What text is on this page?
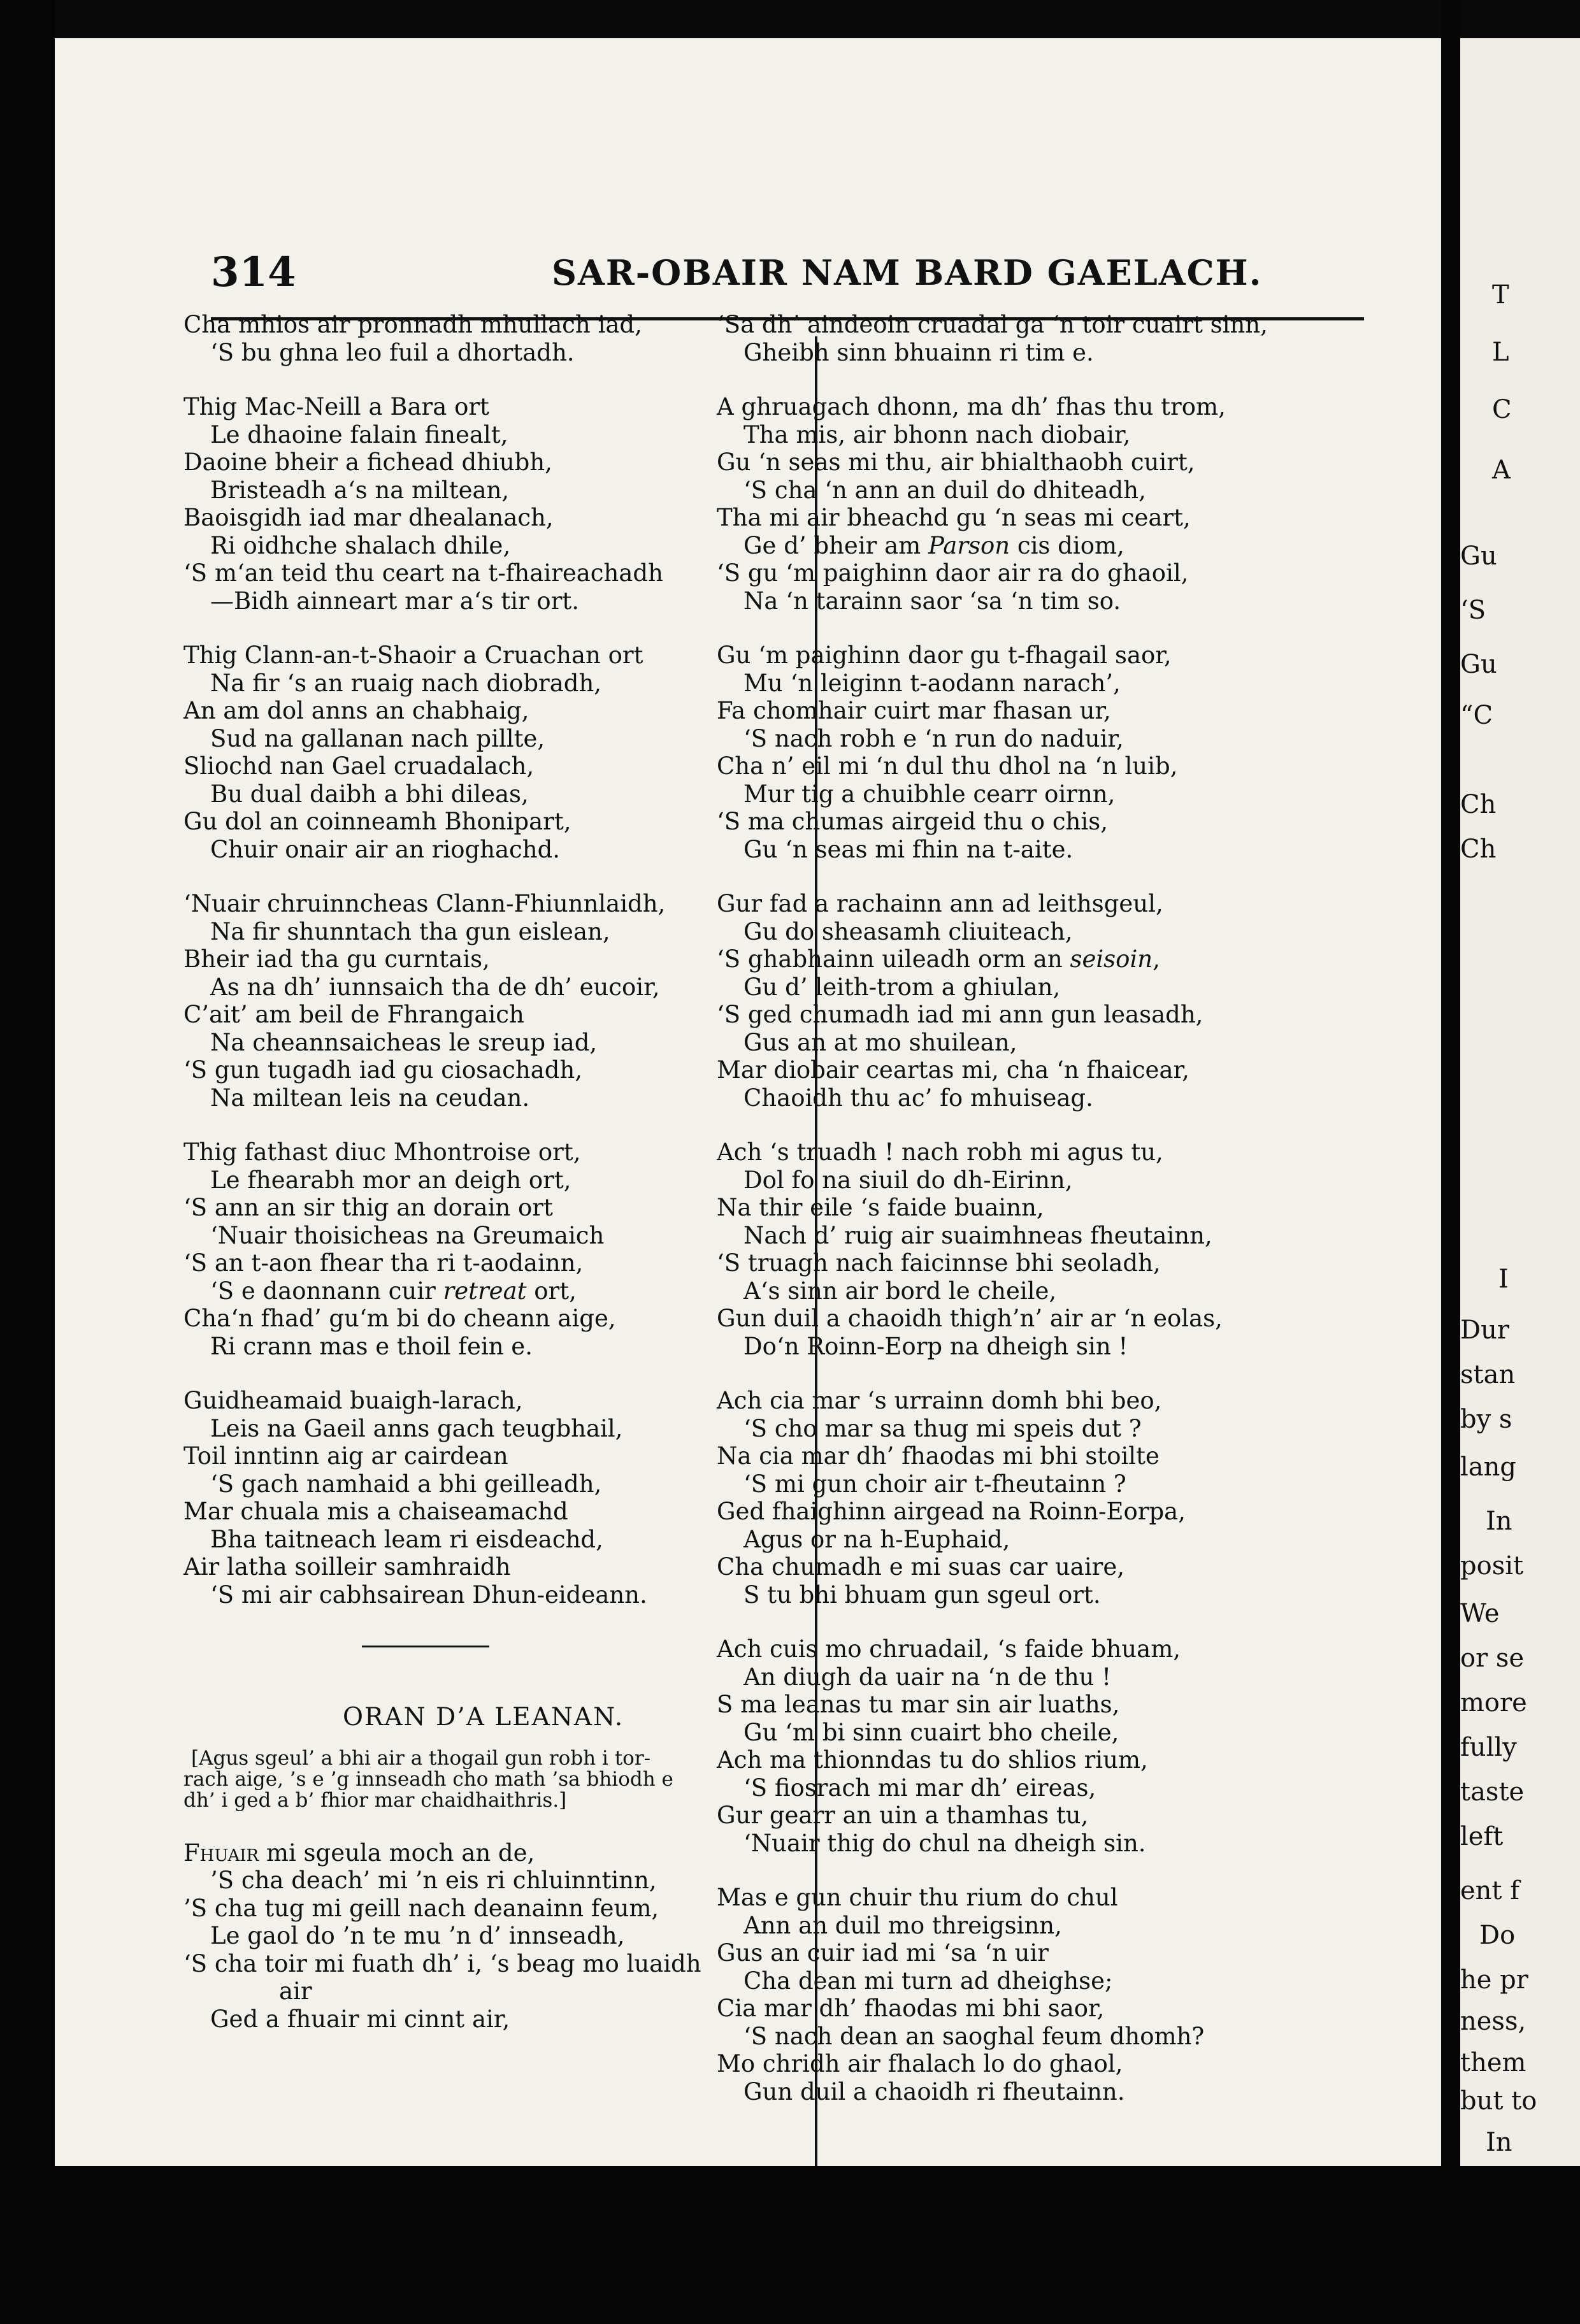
314	SAR-OBAIR NAM BARD GAELACH.
Cha mhios air pronnadh mhullach iad,
‘S bu ghna leo fuil a dhortadh.
Thig Mac-Neill a Bara ort
Le dhaoine falain finealt,
Daoine bheir a fichead dhiubh,
Bristeadh a‘s na miltean,
Baoisgidh iad mar dhealanach,
Ri oidhche shalach dhile,
‘S m‘an teid thu ceart na t-fhaireachadh
—Bidh ainneart mar a‘s tir ort.
Thig Clann-an-t-Shaoir a Cruachan ort
Na fir ‘s an ruaig nach diobradh,
An am dol anns an chabhaig,
Sud na gallanan nach pillte,
Sliochd nan Gael cruadalach,
Bu dual daibh a bhi dileas,
Gu dol an coinneamh Bhonipart,
Chuir onair air an rioghachd.
‘Nuair chruinncheas Clann-Fhiunnlaidh,
Na fir shunntach tha gun eislean,
Bheir iad tha gu curntais,
As na dh’ iunnsaich tha de dh’ eucoir,
C’ait’ am beil de Fhrangaich
Na cheannsaicheas le sreup iad,
‘S gun tugadh iad gu ciosachadh,
Na miltean leis na ceudan.
Thig fathast diuc Mhontroise ort,
Le fhearabh mor an deigh ort,
‘S ann an sir thig an dorain ort
‘Nuair thoisicheas na Greumaich
‘S an t-aon fhear tha ri t-aodainn,
‘S e daonnann cuir retreat ort,
Cha‘n fhad’ gu‘m bi do cheann aige,
Ri crann mas e thoil fein e.
Guidheamaid buaigh-larach,
Leis na Gaeil anns gach teugbhail,
Toil inntinn aig ar cairdean
‘S gach namhaid a bhi geilleadh,
Mar chuala mis a chaiseamachd
Bha taitneach leam ri eisdeachd,
Air latha soilleir samhraidh
‘S mi air cabhsairean Dhun-eideann.
ORAN D’A LEANAN.
[Agus sgeul’ a bhi air a thogail gun robh i tor-
rach aige, ’s e ’g innseadh cho math ’sa bhiodh e
dh’ i ged a b’ fhior mar chaidhaithris.]
Fhuair mi sgeula moch an de,
’S cha deach’ mi ’n eis ri chluinntinn,
’S cha tug mi geill nach deanainn feum,
Le gaol do ’n te mu ’n d’ innseadh,
‘S cha toir mi fuath dh’ i, ‘s beag mo luaidh
air
Ged a fhuair mi cinnt air,
‘Sa dh’ aindeoin cruadal ga ‘n toir cuairt sinn,
Gheibh sinn bhuainn ri tim e.
A ghruagach dhonn, ma dh’ fhas thu trom,
Tha mis, air bhonn nach diobair,
Gu ‘n seas mi thu, air bhialthaobh cuirt,
‘S cha ‘n ann an duil do dhiteadh,
Tha mi air bheachd gu ‘n seas mi ceart,
Ge d’ bheir am Parson cis diom,
‘S gu ‘m paighinn daor air ra do ghaoil,
Na ‘n tarainn saor ‘sa ‘n tim so.
Gu ‘m paighinn daor gu t-fhagail saor,
Mu ‘n leiginn t-aodann narach’,
Fa chomhair cuirt mar fhasan ur,
‘S nach robh e ‘n run do naduir,
Cha n’ eil mi ‘n dul thu dhol na ‘n luib,
Mur tig a chuibhle cearr oirnn,
‘S ma chumas airgeid thu o chis,
Gu ‘n seas mi fhin na t-aite.
Gur fad a rachainn ann ad leithsgeul,
Gu do sheasamh cliuiteach,
‘S ghabhainn uileadh orm an seisoin,
Gu d’ leith-trom a ghiulan,
‘S ged chumadh iad mi ann gun leasadh,
Gus an at mo shuilean,
Mar diobair ceartas mi, cha ‘n fhaicear,
Chaoidh thu ac’ fo mhuiseag.
Ach ‘s truadh ! nach robh mi agus tu,
Dol fo na siuil do dh-Eirinn,
Na thir eile ‘s faide buainn,
Nach d’ ruig air suaimhneas fheutainn,
‘S truagh nach faicinnse bhi seoladh,
A‘s sinn air bord le cheile,
Gun duil a chaoidh thigh’n’ air ar ‘n eolas,
Do‘n Roinn-Eorp na dheigh sin !
Ach cia mar ‘s urrainn domh bhi beo,
‘S cho mar sa thug mi speis dut ?
Na cia mar dh’ fhaodas mi bhi stoilte
‘S mi gun choir air t-fheutainn ?
Ged fhaighinn airgead na Roinn-Eorpa,
Agus or na h-Euphaid,
Cha chumadh e mi suas car uaire,
S tu bhi bhuam gun sgeul ort.
Ach cuis mo chruadail, ‘s faide bhuam,
An diugh da uair na ‘n de thu !
S ma leanas tu mar sin air luaths,
Gu ‘m bi sinn cuairt bho cheile,
Ach ma thionndas tu do shlios rium,
‘S fiosrach mi mar dh’ eireas,
Gur gearr an uin a thamhas tu,
‘Nuair thig do chul na dheigh sin.
Mas e gun chuir thu rium do chul
Ann an duil mo threigsinn,
Gus an cuir iad mi ‘sa ‘n uir
Cha dean mi turn ad dheighse;
Cia mar dh’ fhaodas mi bhi saor,
‘S nach dean an saoghal feum dhomh?
Mo chridh air fhalach lo do ghaol,
Gun duil a chaoidh ri fheutainn.
T
L
C
A
Gu
‘S
Gu
“C
Ch
Ch
I
Dur
stan
by s
lang
In
posit
We
or se
more
fully
taste
left
ent f
Do
he pr
ness,
them
but to
In
